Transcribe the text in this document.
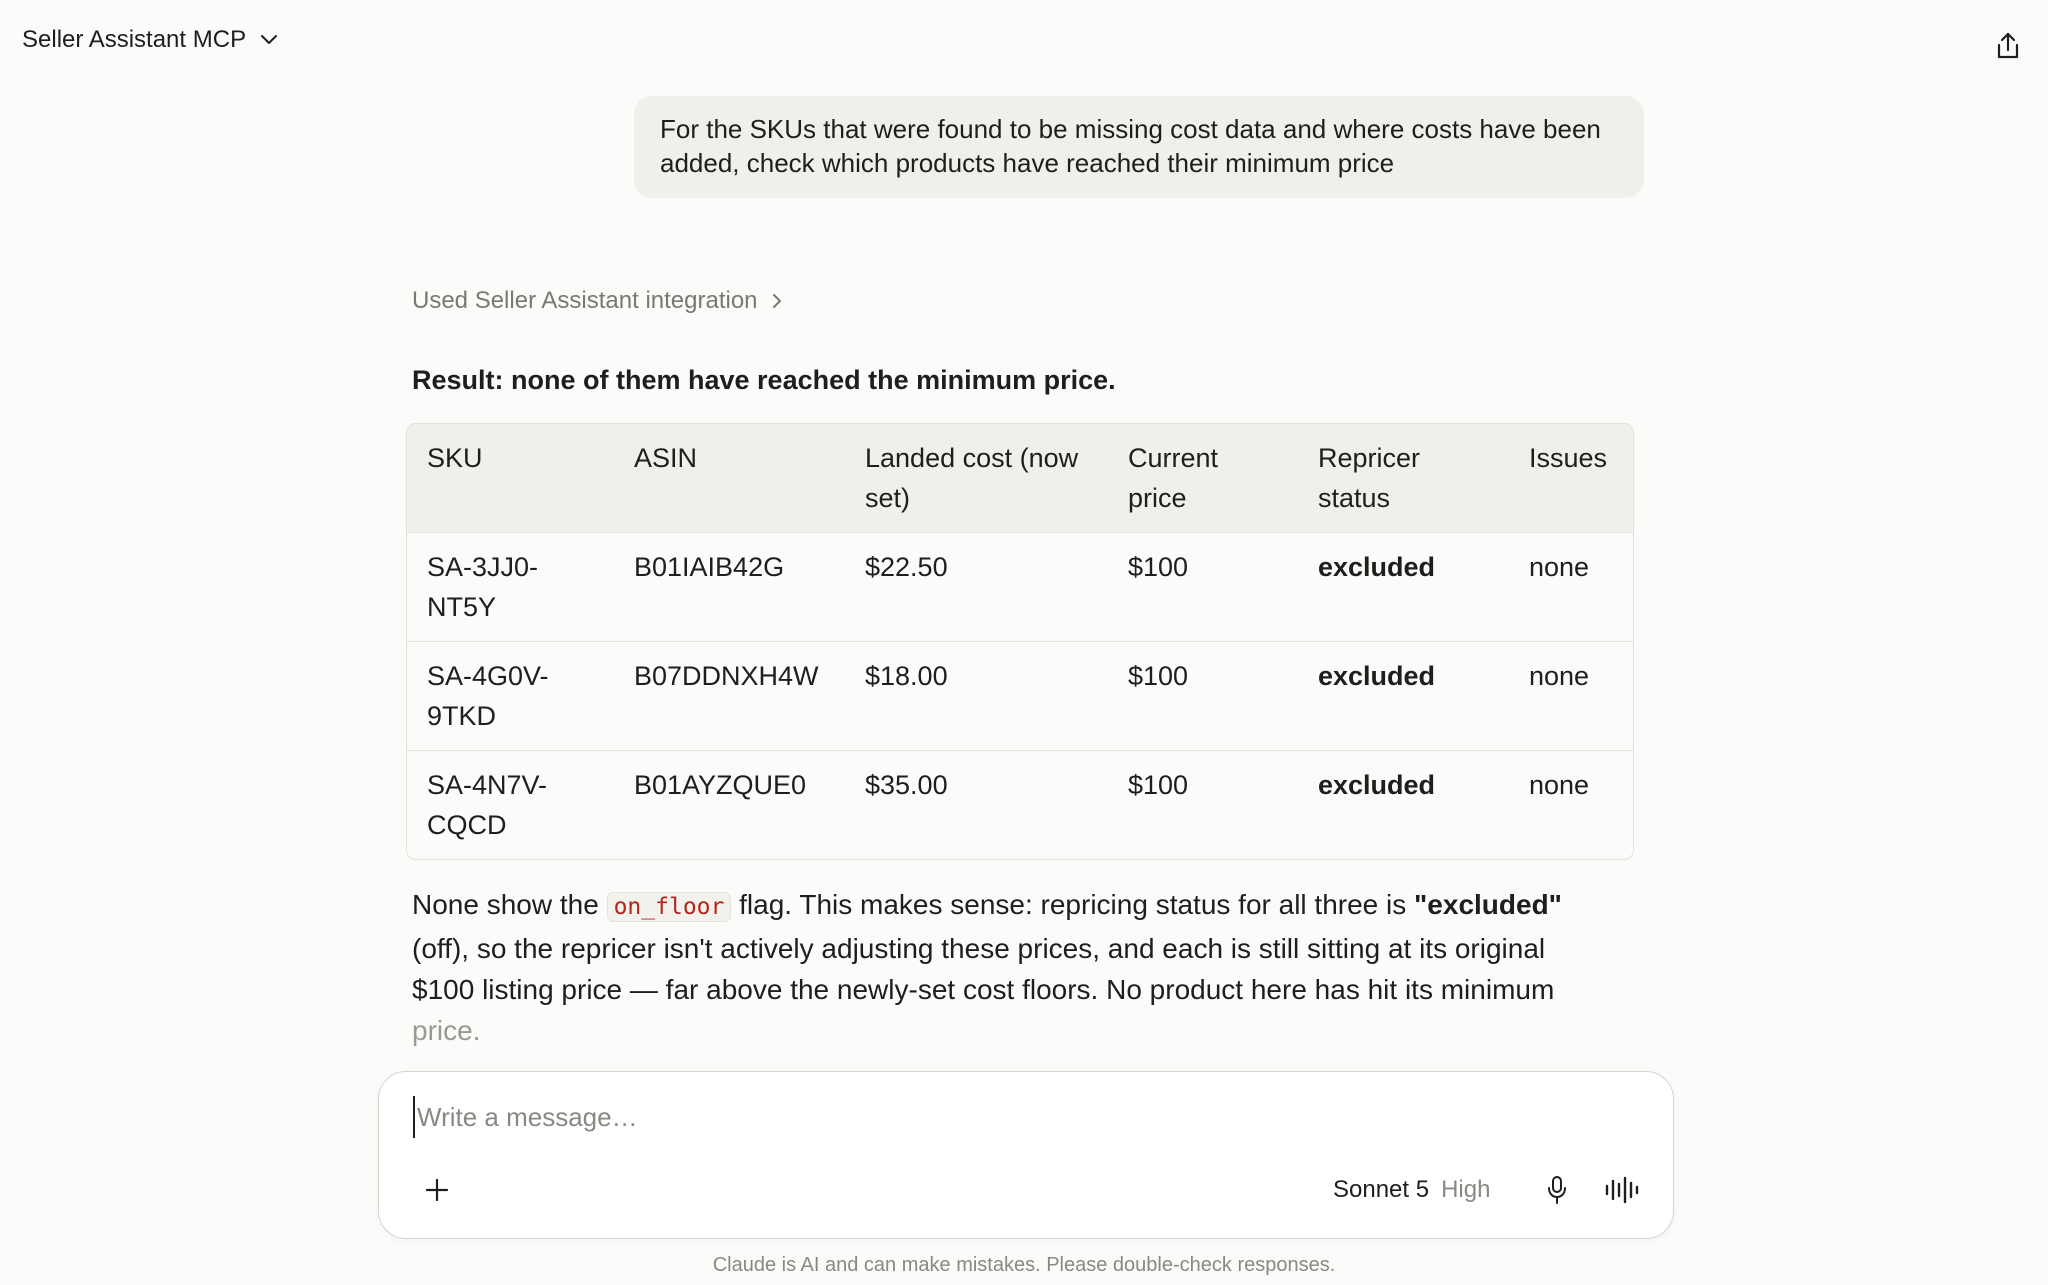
Seller Assistant MCP
For the SKUs that were found to be missing cost data and where costs have been added, check which products have reached their minimum price
Used Seller Assistant integration
Result: none of them have reached the minimum price.
SKU	ASIN	Landed cost (now set)	Current price	Repricer status	Issues
SA-3JJ0-NT5Y	B01IAIB42G	$22.50	$100	excluded	none
SA-4G0V-9TKD	B07DDNXH4W	$18.00	$100	excluded	none
SA-4N7V-CQCD	B01AYZQUE0	$35.00	$100	excluded	none
None show the on_floor flag. This makes sense: repricing status for all three is "excluded" (off), so the repricer isn't actively adjusting these prices, and each is still sitting at its original $100 listing price — far above the newly-set cost floors. No product here has hit its minimum price.
Write a message…
Sonnet 5 High
Claude is AI and can make mistakes. Please double-check responses.
